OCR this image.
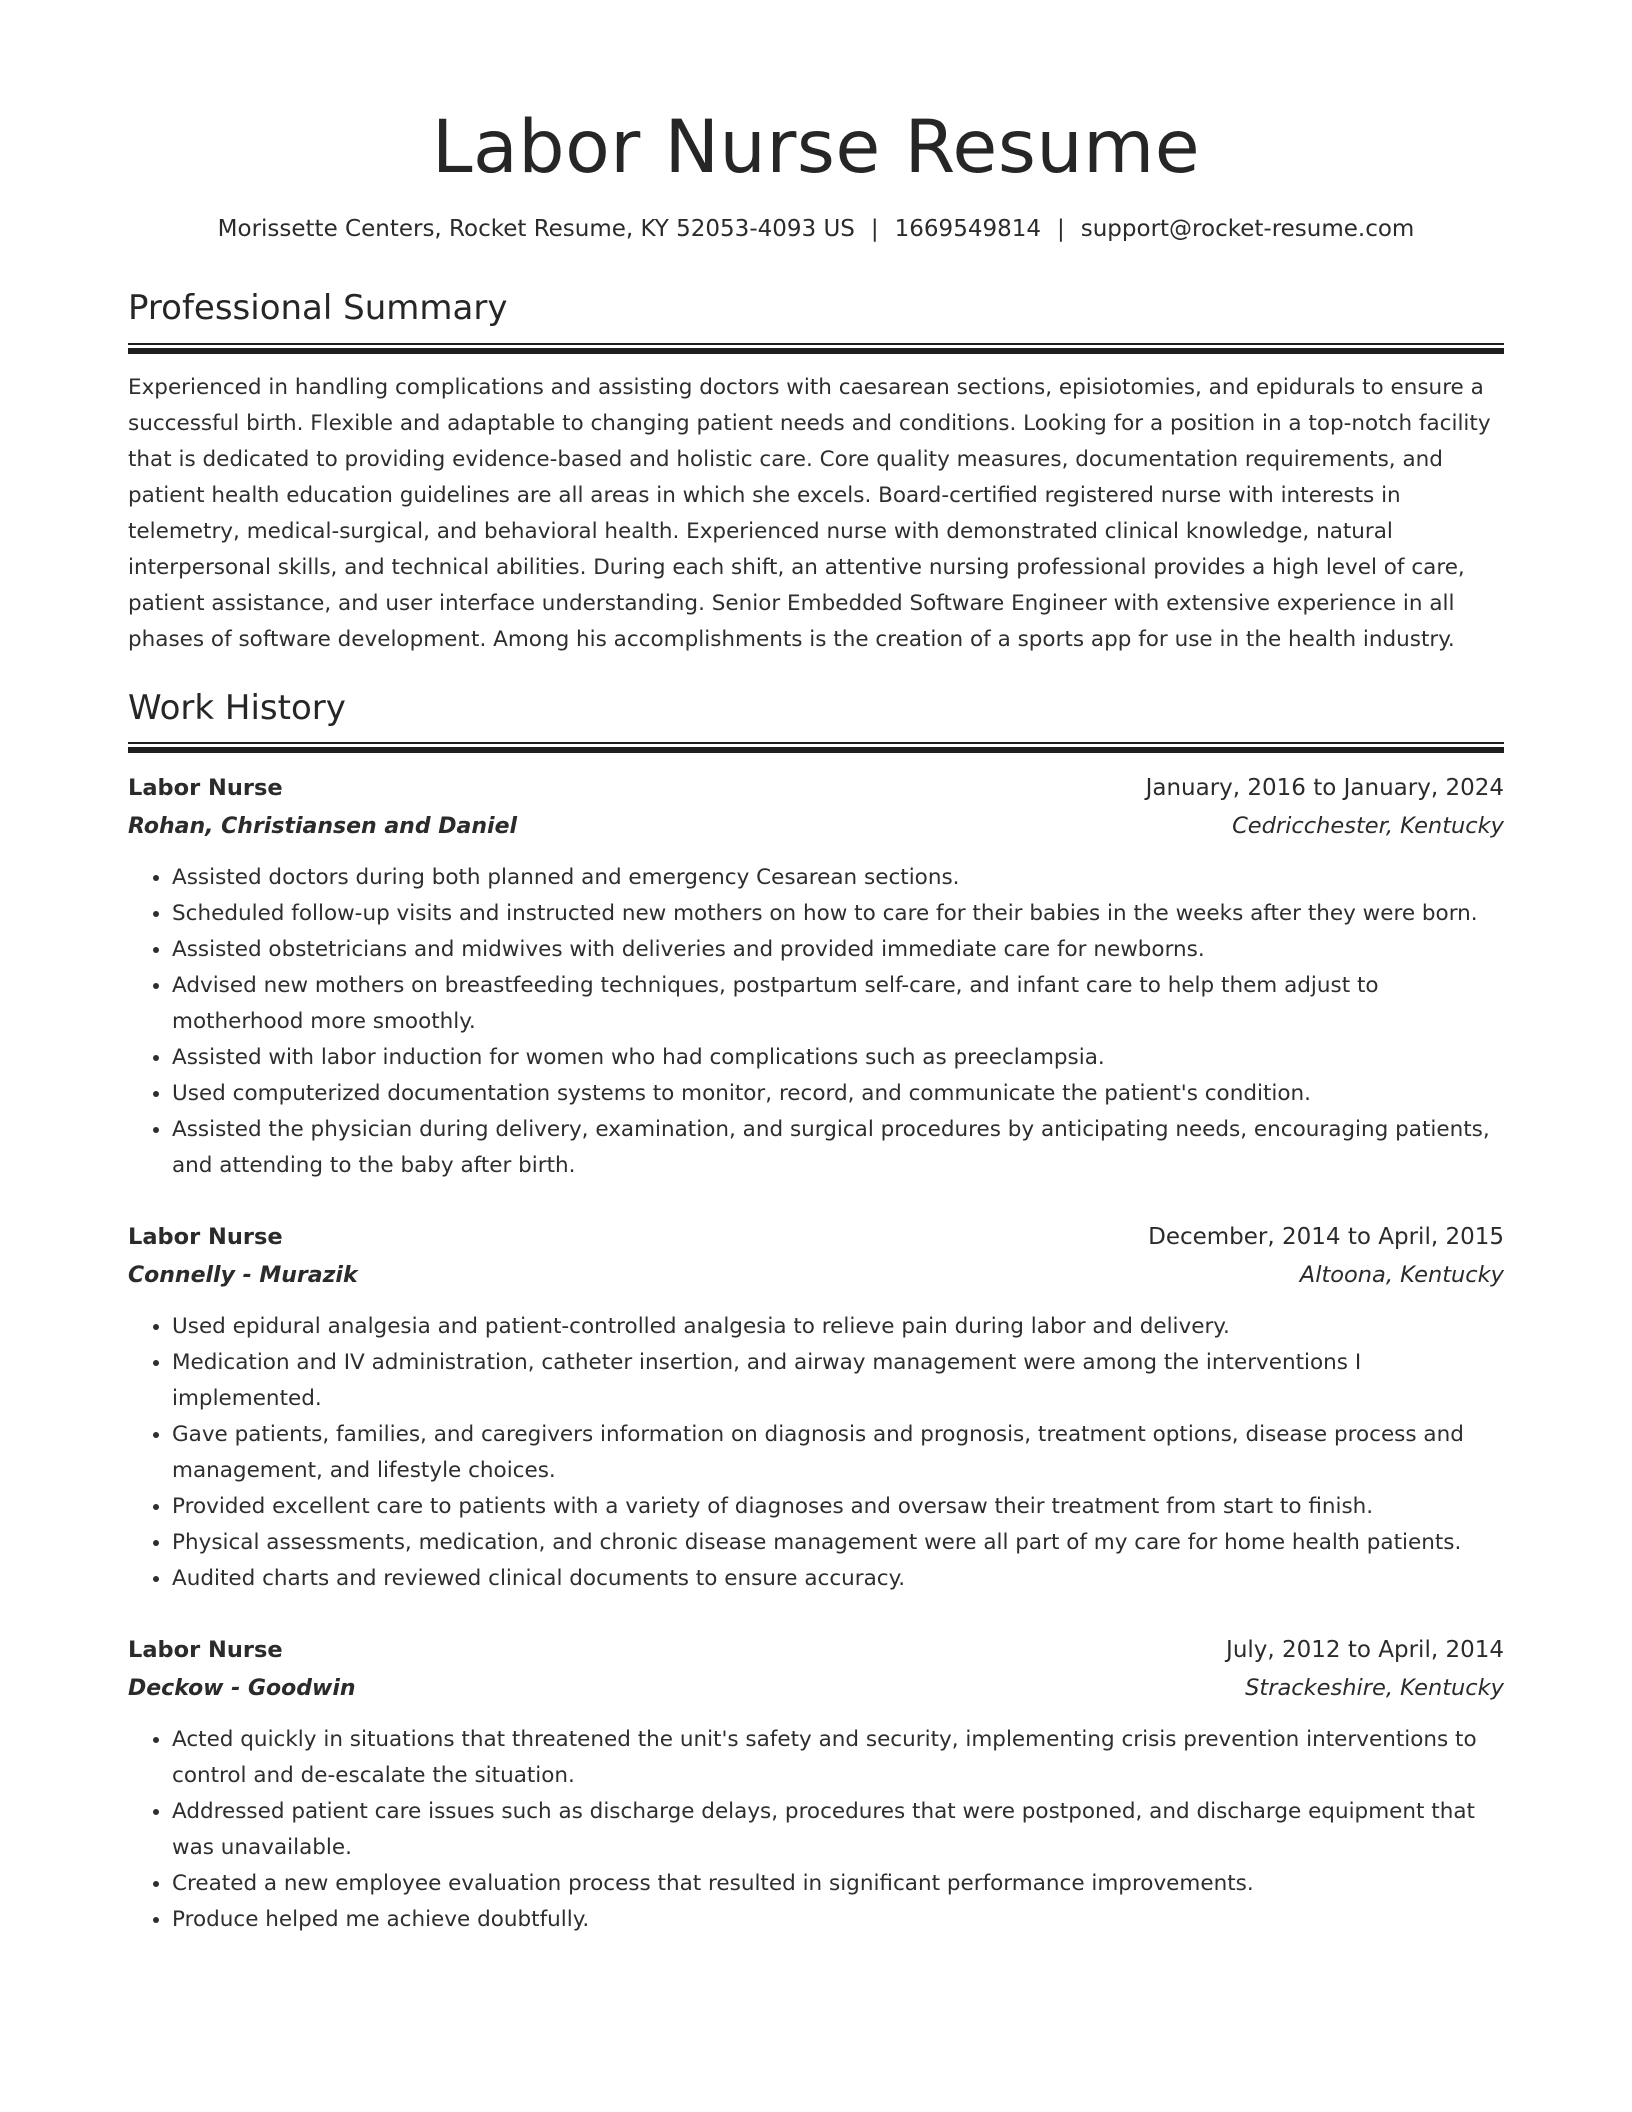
Labor Nurse Resume
Morissette Centers, Rocket Resume, KY 52053-4093 US | 1669549814 | support@rocket-resume.com
Professional Summary

Experienced in handling complications and assisting doctors with caesarean sections, episiotomies, and epidurals to ensure a successful birth. Flexible and adaptable to changing patient needs and conditions. Looking for a position in a top-notch facility that is dedicated to providing evidence-based and holistic care. Core quality measures, documentation requirements, and patient health education guidelines are all areas in which she excels. Board-certified registered nurse with interests in telemetry, medical-surgical, and behavioral health. Experienced nurse with demonstrated clinical knowledge, natural interpersonal skills, and technical abilities. During each shift, an attentive nursing professional provides a high level of care, patient assistance, and user interface understanding. Senior Embedded Software Engineer with extensive experience in all phases of software development. Among his accomplishments is the creation of a sports app for use in the health industry.

Work History
Labor Nurse	January, 2016 to January, 2024
Rohan, Christiansen and Daniel	Cedricchester, Kentucky
• Assisted doctors during both planned and emergency Cesarean sections.
• Scheduled follow-up visits and instructed new mothers on how to care for their babies in the weeks after they were born.
• Assisted obstetricians and midwives with deliveries and provided immediate care for newborns.
• Advised new mothers on breastfeeding techniques, postpartum self-care, and infant care to help them adjust to motherhood more smoothly.
• Assisted with labor induction for women who had complications such as preeclampsia.
• Used computerized documentation systems to monitor, record, and communicate the patient's condition.
• Assisted the physician during delivery, examination, and surgical procedures by anticipating needs, encouraging patients, and attending to the baby after birth.
Labor Nurse	December, 2014 to April, 2015
Connelly - Murazik	Altoona, Kentucky
• Used epidural analgesia and patient-controlled analgesia to relieve pain during labor and delivery.
• Medication and IV administration, catheter insertion, and airway management were among the interventions I implemented.
• Gave patients, families, and caregivers information on diagnosis and prognosis, treatment options, disease process and management, and lifestyle choices.
• Provided excellent care to patients with a variety of diagnoses and oversaw their treatment from start to finish.
• Physical assessments, medication, and chronic disease management were all part of my care for home health patients.
• Audited charts and reviewed clinical documents to ensure accuracy.
Labor Nurse	July, 2012 to April, 2014
Deckow - Goodwin	Strackeshire, Kentucky
• Acted quickly in situations that threatened the unit's safety and security, implementing crisis prevention interventions to control and de-escalate the situation.
• Addressed patient care issues such as discharge delays, procedures that were postponed, and discharge equipment that was unavailable.
• Created a new employee evaluation process that resulted in significant performance improvements.
• Produce helped me achieve doubtfully.
